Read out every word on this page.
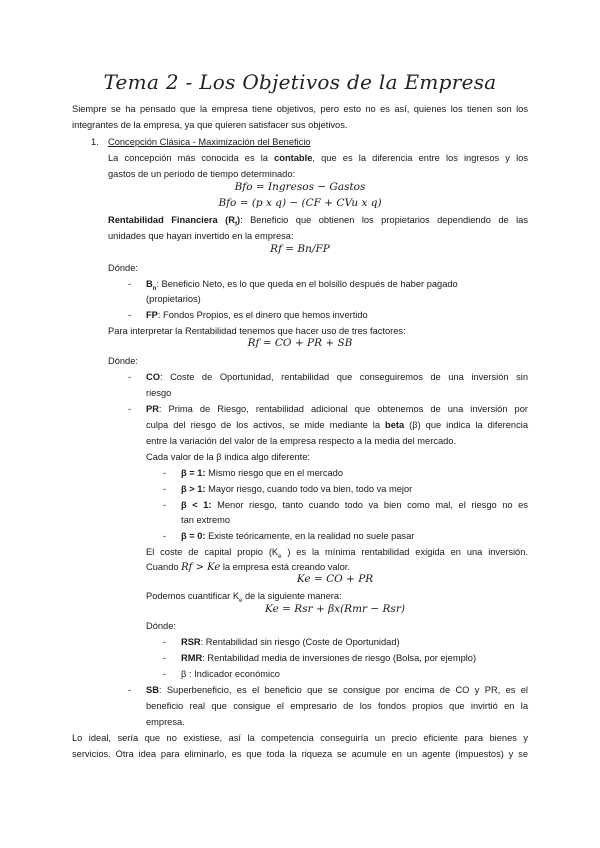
Tema 2 - Los Objetivos de la Empresa
Siempre se ha pensado que la empresa tiene objetivos, pero esto no es así, quienes los tienen son los
integrantes de la empresa, ya que quieren satisfacer sus objetivos.
1. Concepción Clásica - Maximización del Beneficio
La concepción más conocida es la contable, que es la diferencia entre los ingresos y los
gastos de un periodo de tiempo determinado:
Bfo = Ingresos − Gastos
Bfo = (p x q) − (CF + CVu x q)
Rentabilidad Financiera $(R_f)$: Beneficio que obtienen los propietarios dependiendo de las
unidades que hayan invertido en la empresa:
Rf = Bn/FP
Dónde:
- $B_n$: Beneficio Neto, es lo que queda en el bolsillo después de haber pagado
(propietarios)
- FP: Fondos Propios, es el dinero que hemos invertido
Para interpretar la Rentabilidad tenemos que hacer uso de tres factores:
Rf = CO + PR + SB
Dónde:
- CO: Coste de Oportunidad, rentabilidad que conseguiremos de una inversión sin
riesgo
- PR: Prima de Riesgo, rentabilidad adicional que obtenemos de una inversión por
culpa del riesgo de los activos, se mide mediante la beta (β) que indica la diferencia
entre la variación del valor de la empresa respecto a la media del mercado.
Cada valor de la β indica algo diferente:
- β = 1: Mismo riesgo que en el mercado
- β > 1: Mayor riesgo, cuando todo va bien, todo va mejor
- β < 1: Menor riesgo, tanto cuando todo va bien como mal, el riesgo no es
tan extremo
- β = 0: Existe teóricamente, en la realidad no suele pasar
El coste de capital propio ($K_e$ ) es la mínima rentabilidad exigida en una inversión.
Cuando Rf > Ke la empresa está creando valor.
Ke = CO + PR
Podemos cuantificar $K_e$ de la siguiente manera:
Ke = Rsr + βx(Rmr − Rsr)
Dónde:
- RSR: Rentabilidad sin riesgo (Coste de Oportunidad)
- RMR: Rentabilidad media de inversiones de riesgo (Bolsa, por ejemplo)
- β : Indicador económico
- SB: Superbeneficio, es el beneficio que se consigue por encima de CO y PR, es el
beneficio real que consigue el empresario de los fondos propios que invirtió en la
empresa.
Lo ideal, sería que no existiese, así la competencia conseguiría un precio eficiente para bienes y
servicios. Otra idea para eliminarlo, es que toda la riqueza se acumule en un agente (impuestos) y se
